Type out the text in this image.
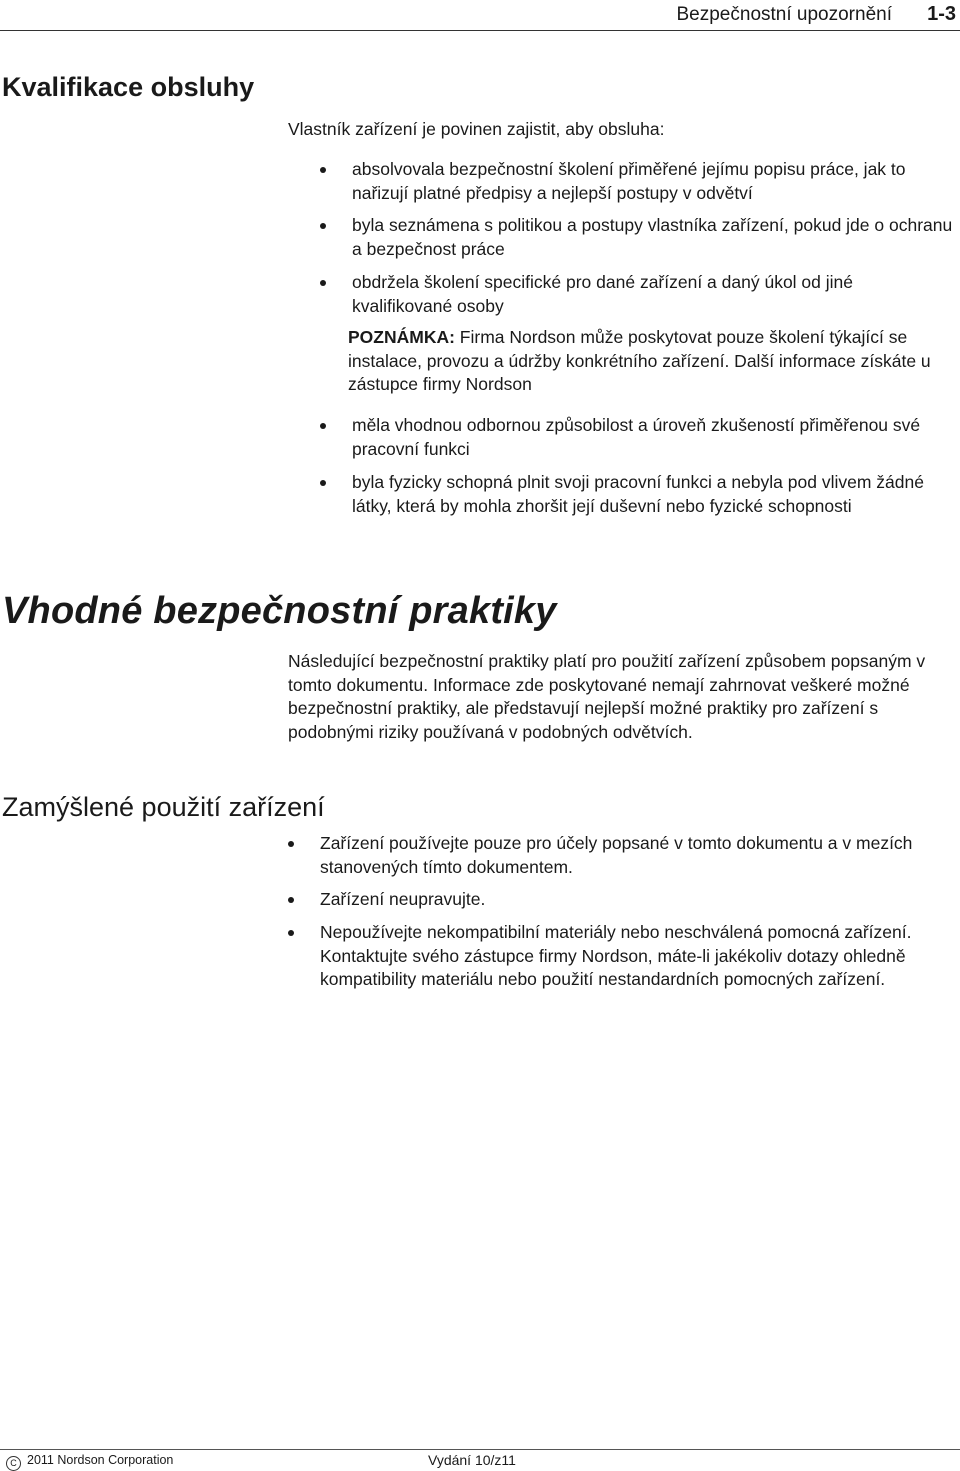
Bezpečnostní upozornění 1-3
Kvalifikace obsluhy

Vlastník zařízení je povinen zajistit, aby obsluha:

absolvovala bezpečnostní školení přiměřené jejímu popisu práce, jak to nařizují platné předpisy a nejlepší postupy v odvětví
byla seznámena s politikou a postupy vlastníka zařízení, pokud jde o ochranu a bezpečnost práce
obdržela školení specifické pro dané zařízení a daný úkol od jiné kvalifikované osoby

POZNÁMKA: Firma Nordson může poskytovat pouze školení týkající se instalace, provozu a údržby konkrétního zařízení. Další informace získáte u zástupce firmy Nordson

měla vhodnou odbornou způsobilost a úroveň zkušeností přiměřenou své pracovní funkci
byla fyzicky schopná plnit svoji pracovní funkci a nebyla pod vlivem žádné látky, která by mohla zhoršit její duševní nebo fyzické schopnosti
Vhodné bezpečnostní praktiky

Následující bezpečnostní praktiky platí pro použití zařízení způsobem popsaným v tomto dokumentu. Informace zde poskytované nemají zahrnovat veškeré možné bezpečnostní praktiky, ale představují nejlepší možné praktiky pro zařízení s podobnými riziky používaná v podobných odvětvích.

Zamýšlené použití zařízení
Zařízení používejte pouze pro účely popsané v tomto dokumentu a v mezích stanovených tímto dokumentem.
Zařízení neupravujte.
Nepoužívejte nekompatibilní materiály nebo neschválená pomocná zařízení. Kontaktujte svého zástupce firmy Nordson, máte-li jakékoliv dotazy ohledně kompatibility materiálu nebo použití nestandardních pomocných zařízení.
C 2011 Nordson Corporation	Vydání 10/z11
